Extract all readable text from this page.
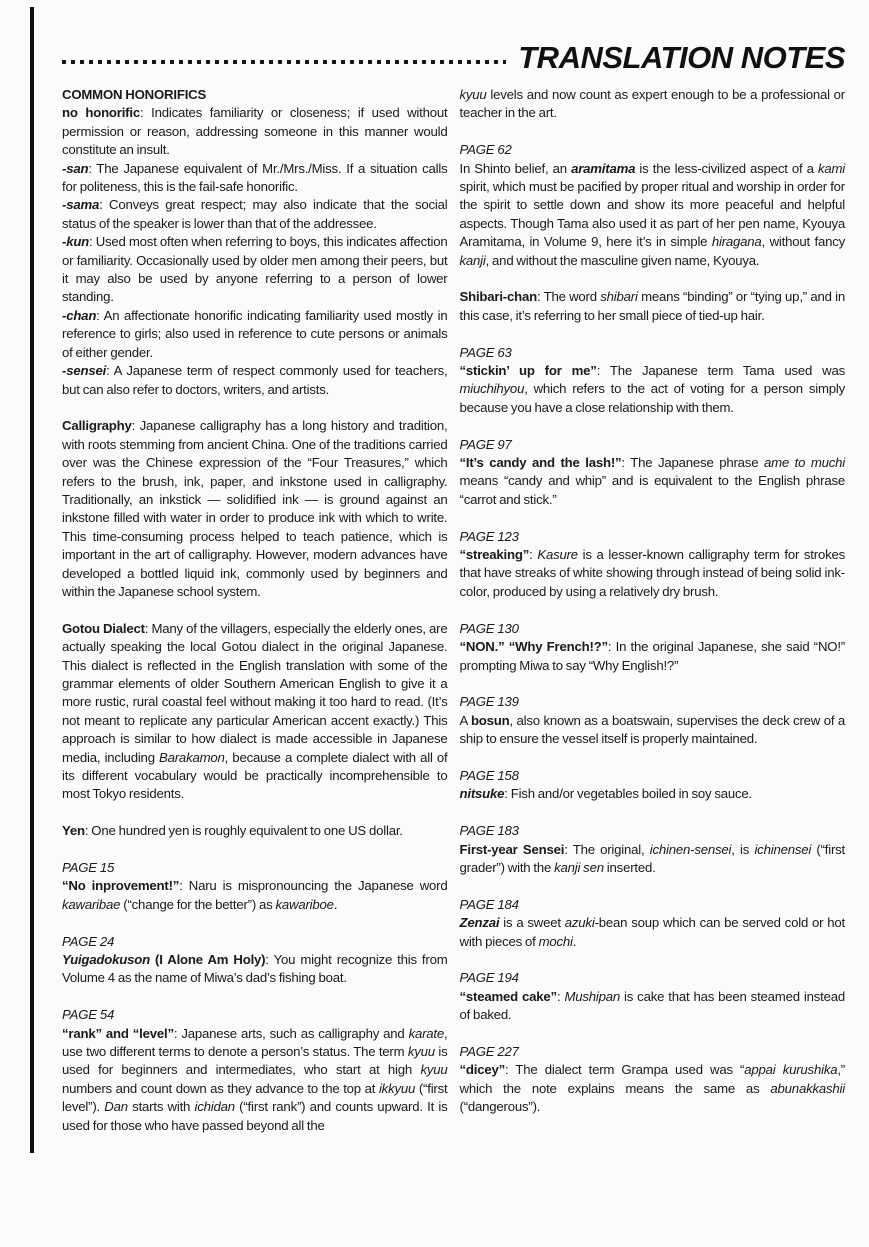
TRANSLATION NOTES

COMMON HONORIFICS

no honorific: Indicates familiarity or closeness; if used without permission or reason, addressing someone in this manner would constitute an insult.

-san: The Japanese equivalent of Mr./Mrs./Miss. If a situation calls for politeness, this is the fail-safe honorific.

-sama: Conveys great respect; may also indicate that the social status of the speaker is lower than that of the addressee.

-kun: Used most often when referring to boys, this indicates affection or familiarity. Occasionally used by older men among their peers, but it may also be used by anyone referring to a person of lower standing.

-chan: An affectionate honorific indicating familiarity used mostly in reference to girls; also used in reference to cute persons or animals of either gender.

-sensei: A Japanese term of respect commonly used for teachers, but can also refer to doctors, writers, and artists.

Calligraphy: Japanese calligraphy has a long history and tradition, with roots stemming from ancient China. One of the traditions carried over was the Chinese expression of the “Four Treasures,” which refers to the brush, ink, paper, and inkstone used in calligraphy. Traditionally, an inkstick — solidified ink — is ground against an inkstone filled with water in order to produce ink with which to write. This time-consuming process helped to teach patience, which is important in the art of calligraphy. However, modern advances have developed a bottled liquid ink, commonly used by beginners and within the Japanese school system.

Gotou Dialect: Many of the villagers, especially the elderly ones, are actually speaking the local Gotou dialect in the original Japanese. This dialect is reflected in the English translation with some of the grammar elements of older Southern American English to give it a more rustic, rural coastal feel without making it too hard to read. (It’s not meant to replicate any particular American accent exactly.) This approach is similar to how dialect is made accessible in Japanese media, including Barakamon, because a complete dialect with all of its different vocabulary would be practically incomprehensible to most Tokyo residents.

Yen: One hundred yen is roughly equivalent to one US dollar.

PAGE 15

“No inprovement!”: Naru is mispronouncing the Japanese word kawaribae (“change for the better”) as kawariboe.

PAGE 24

Yuigadokuson (I Alone Am Holy): You might recognize this from Volume 4 as the name of Miwa’s dad’s fishing boat.

PAGE 54

“rank” and “level”: Japanese arts, such as calligraphy and karate, use two different terms to denote a person’s status. The term kyuu is used for beginners and intermediates, who start at high kyuu numbers and count down as they advance to the top at ikkyuu (“first level”). Dan starts with ichidan (“first rank”) and counts upward. It is used for those who have passed beyond all the

kyuu levels and now count as expert enough to be a professional or teacher in the art.

PAGE 62

In Shinto belief, an aramitama is the less-civilized aspect of a kami spirit, which must be pacified by proper ritual and worship in order for the spirit to settle down and show its more peaceful and helpful aspects. Though Tama also used it as part of her pen name, Kyouya Aramitama, in Volume 9, here it’s in simple hiragana, without fancy kanji, and without the masculine given name, Kyouya.

Shibari-chan: The word shibari means “binding” or “tying up,” and in this case, it’s referring to her small piece of tied-up hair.

PAGE 63

“stickin’ up for me”: The Japanese term Tama used was miuchihyou, which refers to the act of voting for a person simply because you have a close relationship with them.

PAGE 97

“It’s candy and the lash!”: The Japanese phrase ame to muchi means “candy and whip” and is equivalent to the English phrase “carrot and stick.”

PAGE 123

“streaking”: Kasure is a lesser-known calligraphy term for strokes that have streaks of white showing through instead of being solid ink-color, produced by using a relatively dry brush.

PAGE 130

“NON.” “Why French!?”: In the original Japanese, she said “NO!” prompting Miwa to say “Why English!?”

PAGE 139

A bosun, also known as a boatswain, supervises the deck crew of a ship to ensure the vessel itself is properly maintained.

PAGE 158

nitsuke: Fish and/or vegetables boiled in soy sauce.

PAGE 183

First-year Sensei: The original, ichinen-sensei, is ichinensei (“first grader”) with the kanji sen inserted.

PAGE 184

Zenzai is a sweet azuki-bean soup which can be served cold or hot with pieces of mochi.

PAGE 194

“steamed cake”: Mushipan is cake that has been steamed instead of baked.

PAGE 227

“dicey”: The dialect term Grampa used was “appai kurushika,” which the note explains means the same as abunakkashii (“dangerous”).
